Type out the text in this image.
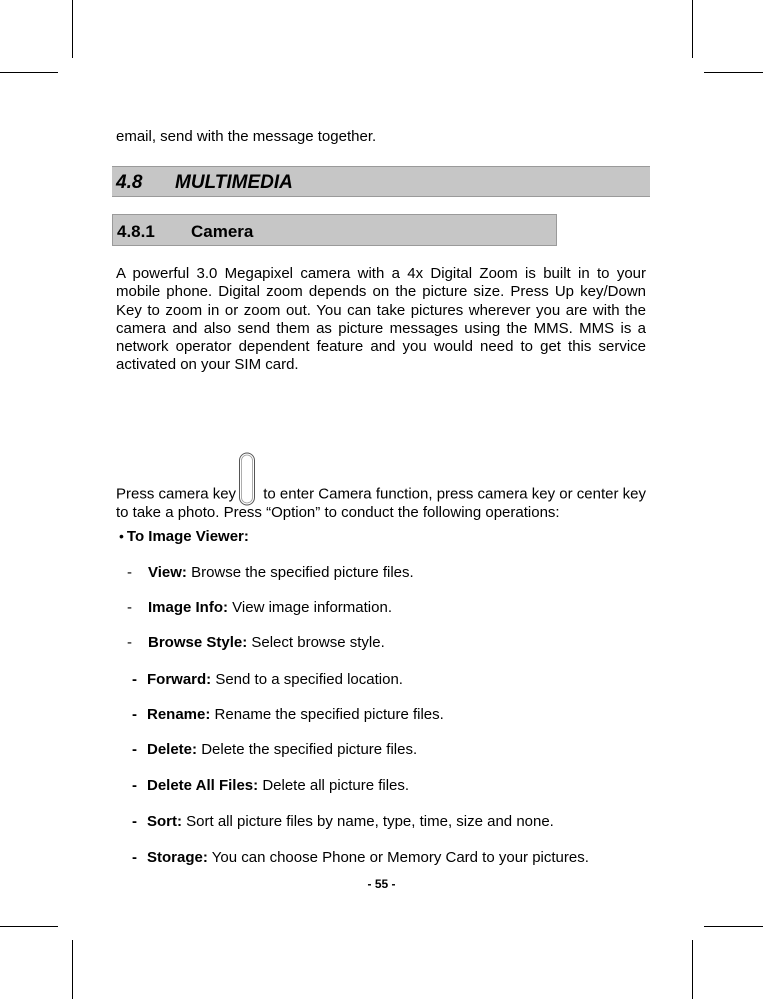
email, send with the message together.
4.8 MULTIMEDIA
4.8.1 Camera
A powerful 3.0 Megapixel camera with a 4x Digital Zoom is built in to your mobile phone. Digital zoom depends on the picture size. Press Up key/Down Key to zoom in or zoom out. You can take pictures wherever you are with the camera and also send them as picture messages using the MMS. MMS is a network operator dependent feature and you would need to get this service activated on your SIM card.
Press camera key to enter Camera function, press camera key or center key to take a photo. Press “Option” to conduct the following operations:
• To Image Viewer:
- View: Browse the specified picture files.
- Image Info: View image information.
- Browse Style: Select browse style.
- Forward: Send to a specified location.
- Rename: Rename the specified picture files.
- Delete: Delete the specified picture files.
- Delete All Files: Delete all picture files.
- Sort: Sort all picture files by name, type, time, size and none.
- Storage: You can choose Phone or Memory Card to your pictures.
- 55 -
